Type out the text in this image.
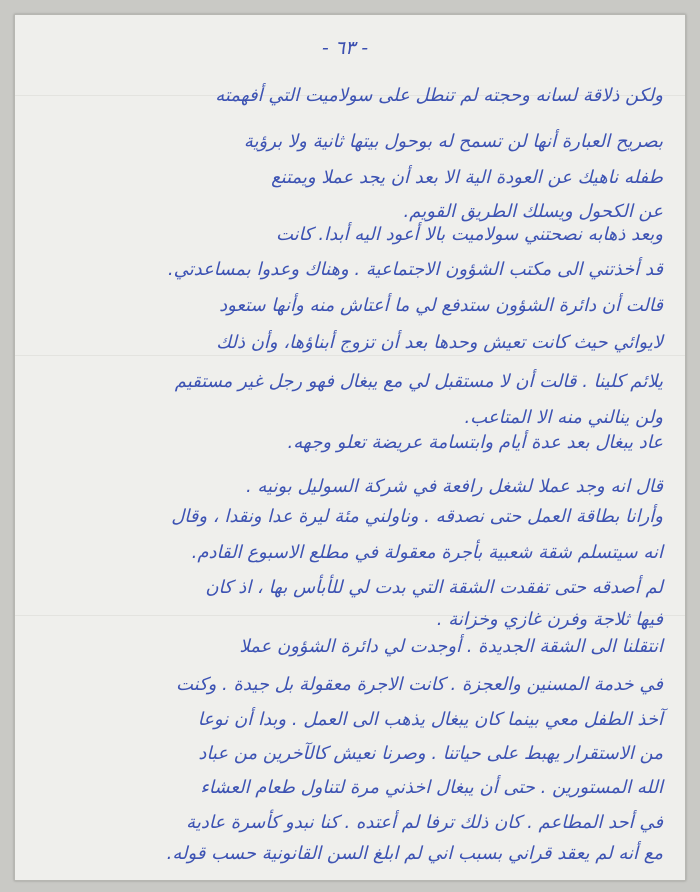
- ٦٣ -
ولكن ذلاقة لسانه وحجته لم تنطل على سولاميت التي أفهمته
بصريح العبارة أنها لن تسمح له بوحول بيتها ثانية ولا برؤية
طفله ناهيك عن العودة الية الا بعد أن يجد عملا ويمتنع
عن الكحول ويسلك الطريق القويم.
وبعد ذهابه نصحتني سولاميت بالا أعود اليه أبدا. كانت
قد أخذتني الى مكتب الشؤون الاجتماعية . وهناك وعدوا بمساعدتي.
قالت أن دائرة الشؤون ستدفع لي ما أعتاش منه وأنها ستعود
لايوائي حيث كانت تعيش وحدها بعد أن تزوج أبناؤها، وأن ذلك
يلائم كلينا . قالت أن لا مستقبل لي مع يبغال فهو رجل غير مستقيم
ولن ينالني منه الا المتاعب.
عاد يبغال بعد عدة أيام وابتسامة عريضة تعلو وجهه.
قال انه وجد عملا لشغل رافعة في شركة السوليل بونيه .
وأرانا بطاقة العمل حتى نصدقه . وناولني مئة ليرة عدا ونقدا ، وقال
انه سيتسلم شقة شعبية بأجرة معقولة في مطلع الاسبوع القادم.
لم أصدقه حتى تفقدت الشقة التي بدت لي للأبأس بها ، اذ كان
فيها ثلاجة وفرن غازي وخزانة .
انتقلنا الى الشقة الجديدة . أوجدت لي دائرة الشؤون عملا
في خدمة المسنين والعجزة . كانت الاجرة معقولة بل جيدة . وكنت
آخذ الطفل معي بينما كان يبغال يذهب الى العمل . وبدا أن نوعا
من الاستقرار يهبط على حياتنا . وصرنا نعيش كالآخرين من عباد
الله المستورين . حتى أن يبغال اخذني مرة لتناول طعام العشاء
في أحد المطاعم . كان ذلك ترفا لم أعتده . كنا نبدو كأسرة عادية
مع أنه لم يعقد قراني بسبب اني لم ابلغ السن القانونية حسب قوله.
